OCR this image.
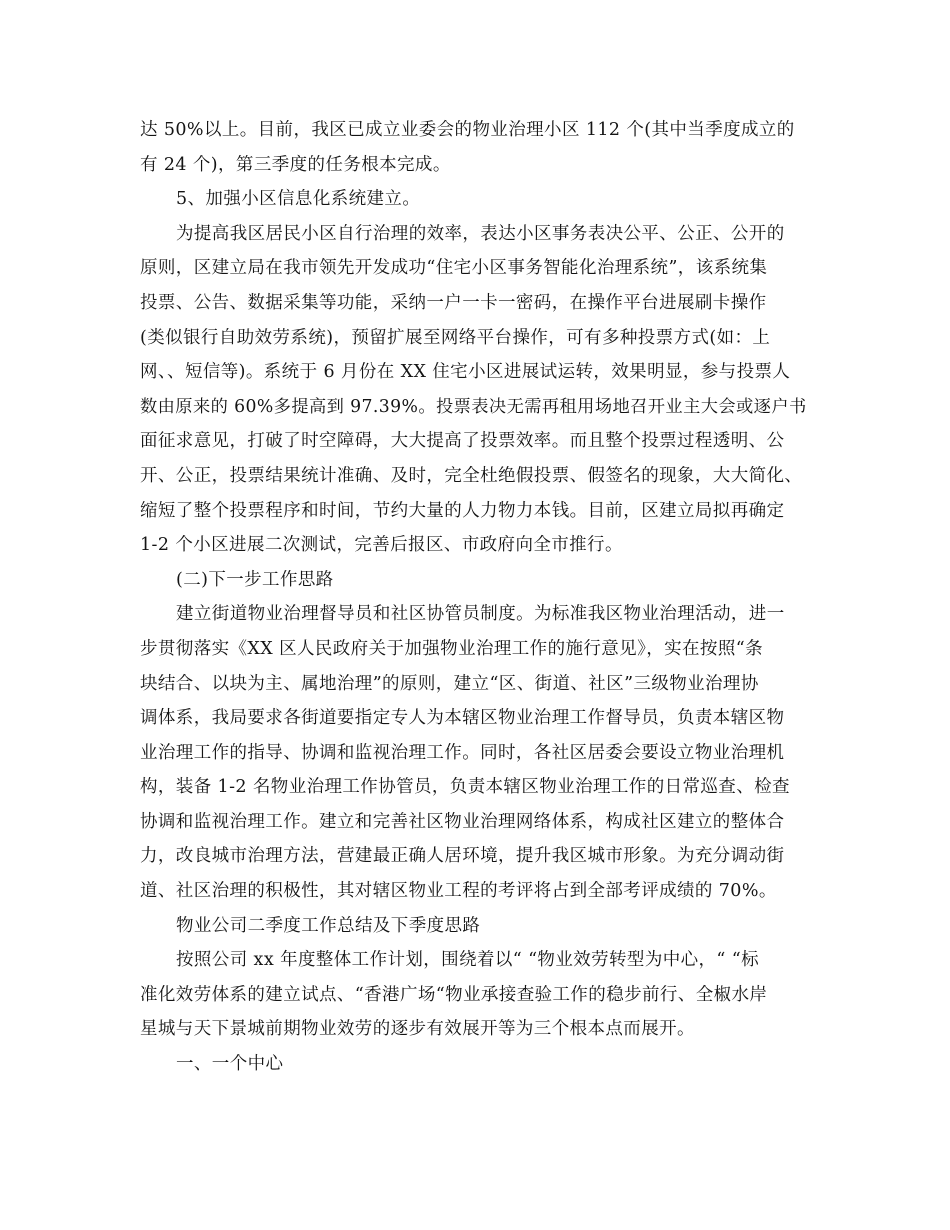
达 50%以上。目前，我区已成立业委会的物业治理小区 112 个(其中当季度成立的
有 24 个)，第三季度的任务根本完成。

5、加强小区信息化系统建立。

为提高我区居民小区自行治理的效率，表达小区事务表决公平、公正、公开的
原则，区建立局在我市领先开发成功“住宅小区事务智能化治理系统”，该系统集
投票、公告、数据采集等功能，采纳一户一卡一密码，在操作平台进展刷卡操作
(类似银行自助效劳系统)，预留扩展至网络平台操作，可有多种投票方式(如：上
网、、短信等)。系统于 6 月份在 XX 住宅小区进展试运转，效果明显，参与投票人
数由原来的 60%多提高到 97.39%。投票表决无需再租用场地召开业主大会或逐户书
面征求意见，打破了时空障碍，大大提高了投票效率。而且整个投票过程透明、公
开、公正，投票结果统计准确、及时，完全杜绝假投票、假签名的现象，大大简化、
缩短了整个投票程序和时间，节约大量的人力物力本钱。目前，区建立局拟再确定
1-2 个小区进展二次测试，完善后报区、市政府向全市推行。

(二)下一步工作思路

建立街道物业治理督导员和社区协管员制度。为标准我区物业治理活动，进一
步贯彻落实《XX 区人民政府关于加强物业治理工作的施行意见》，实在按照“条
块结合、以块为主、属地治理”的原则，建立“区、街道、社区”三级物业治理协
调体系，我局要求各街道要指定专人为本辖区物业治理工作督导员，负责本辖区物
业治理工作的指导、协调和监视治理工作。同时，各社区居委会要设立物业治理机
构，装备 1-2 名物业治理工作协管员，负责本辖区物业治理工作的日常巡查、检查
协调和监视治理工作。建立和完善社区物业治理网络体系，构成社区建立的整体合
力，改良城市治理方法，营建最正确人居环境，提升我区城市形象。为充分调动街
道、社区治理的积极性，其对辖区物业工程的考评将占到全部考评成绩的 70%。

物业公司二季度工作总结及下季度思路

按照公司 xx 年度整体工作计划，围绕着以“ “物业效劳转型为中心，“ “标
准化效劳体系的建立试点、“香港广场“物业承接查验工作的稳步前行、全椒水岸
星城与天下景城前期物业效劳的逐步有效展开等为三个根本点而展开。

一、一个中心
